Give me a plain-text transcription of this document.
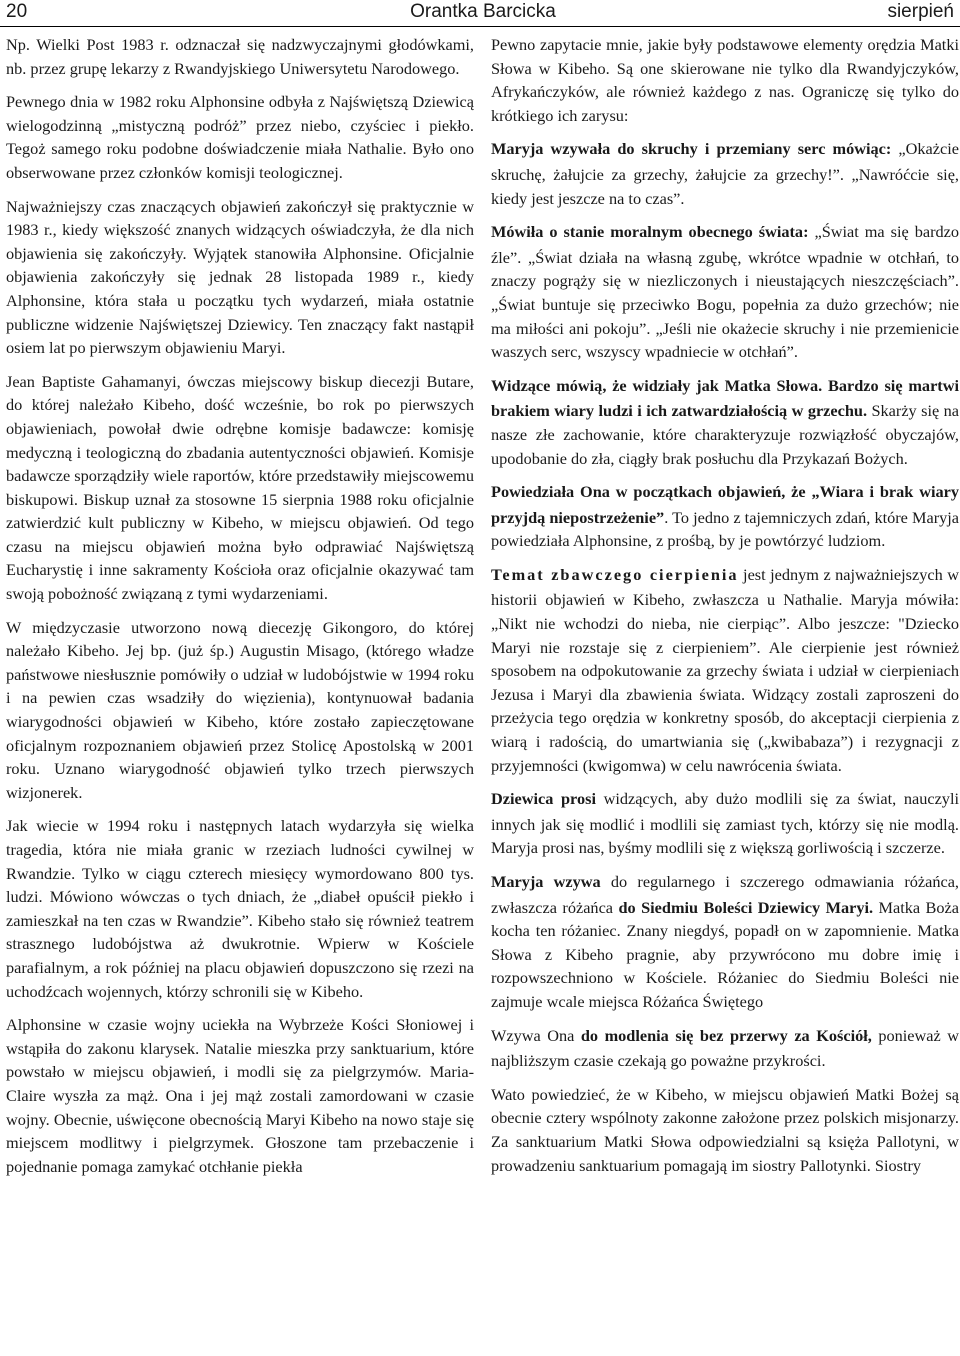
20	Orantka Barcicka	sierpień

Np. Wielki Post 1983 r. odznaczał się nadzwyczajnymi głodówkami, nb. przez grupę lekarzy z Rwandyjskiego Uniwersytetu Narodowego.

Pewnego dnia w 1982 roku Alphonsine odbyła z Najświętszą Dziewicą wielogodzinną „mistyczną podróż” przez niebo, czyściec i piekło. Tegoż samego roku podobne doświadczenie miała Nathalie. Było ono obserwowane przez członków komisji teologicznej.

Najważniejszy czas znaczących objawień zakończył się praktycznie w 1983 r., kiedy większość znanych widzących oświadczyła, że dla nich objawienia się zakończyły. Wyjątek stanowiła Alphonsine. Oficjalnie objawienia zakończyły się jednak 28 listopada 1989 r., kiedy Alphonsine, która stała u początku tych wydarzeń, miała ostatnie publiczne widzenie Najświętszej Dziewicy. Ten znaczący fakt nastąpił osiem lat po pierwszym objawieniu Maryi.

Jean Baptiste Gahamanyi, ówczas miejscowy biskup diecezji Butare, do której należało Kibeho, dość wcześnie, bo rok po pierwszych objawieniach, powołał dwie odrębne komisje badawcze: komisję medyczną i teologiczną do zbadania autentyczności objawień. Komisje badawcze sporządziły wiele raportów, które przedstawiły miejscowemu biskupowi. Biskup uznał za stosowne 15 sierpnia 1988 roku oficjalnie zatwierdzić kult publiczny w Kibeho, w miejscu objawień. Od tego czasu na miejscu objawień można było odprawiać Najświętszą Eucharystię i inne sakramenty Kościoła oraz oficjalnie okazywać tam swoją pobożność związaną z tymi wydarzeniami.

W międzyczasie utworzono nową diecezję Gikongoro, do której należało Kibeho. Jej bp. (już śp.) Augustin Misago, (którego władze państwowe niesłusznie pomówiły o udział w ludobójstwie w 1994 roku i na pewien czas wsadziły do więzienia), kontynuował badania wiarygodności objawień w Kibeho, które zostało zapieczętowane oficjalnym rozpoznaniem objawień przez Stolicę Apostolską w 2001 roku. Uznano wiarygodność objawień tylko trzech pierwszych wizjonerek.

Jak wiecie w 1994 roku i następnych latach wydarzyła się wielka tragedia, która nie miała granic w rzeziach ludności cywilnej w Rwandzie. Tylko w ciągu czterech miesięcy wymordowano 800 tys. ludzi. Mówiono wówczas o tych dniach, że „diabeł opuścił piekło i zamieszkał na ten czas w Rwandzie”. Kibeho stało się również teatrem strasznego ludobójstwa aż dwukrotnie. Wpierw w Kościele parafialnym, a rok później na placu objawień dopuszczono się rzezi na uchodźcach wojennych, którzy schronili się w Kibeho.

Alphonsine w czasie wojny uciekła na Wybrzeże Kości Słoniowej i wstąpiła do zakonu klarysek. Natalie mieszka przy sanktuarium, które powstało w miejscu objawień, i modli się za pielgrzymów. Maria-Claire wyszła za mąż. Ona i jej mąż zostali zamordowani w czasie wojny. Obecnie, uświęcone obecnością Maryi Kibeho na nowo staje się miejscem modlitwy i pielgrzymek. Głoszone tam przebaczenie i pojednanie pomaga zamykać otchłanie piekła

Pewno zapytacie mnie, jakie były podstawowe elementy orędzia Matki Słowa w Kibeho. Są one skierowane nie tylko dla Rwandyjczyków, Afrykańczyków, ale również każdego z nas. Ograniczę się tylko do krótkiego ich zarysu:

Maryja wzywała do skruchy i przemiany serc mówiąc: „Okażcie skruchę, żałujcie za grzechy, żałujcie za grzechy!”. „Nawróćcie się, kiedy jest jeszcze na to czas”.

Mówiła o stanie moralnym obecnego świata: „Świat ma się bardzo źle”. „Świat działa na własną zgubę, wkrótce wpadnie w otchłań, to znaczy pogrąży się w niezliczonych i nieustających nieszczęściach”. „Świat buntuje się przeciwko Bogu, popełnia za dużo grzechów; nie ma miłości ani pokoju”. „Jeśli nie okażecie skruchy i nie przemienicie waszych serc, wszyscy wpadniecie w otchłań”.

Widzące mówią, że widziały jak Matka Słowa. Bardzo się martwi brakiem wiary ludzi i ich zatwardziałością w grzechu. Skarży się na nasze złe zachowanie, które charakteryzuje rozwiązłość obyczajów, upodobanie do zła, ciągły brak posłuchu dla Przykazań Bożych.

Powiedziała Ona w początkach objawień, że „Wiara i brak wiary przyjdą niepostrzeżenie”. To jedno z tajemniczych zdań, które Maryja powiedziała Alphonsine, z prośbą, by je powtórzyć ludziom.

Temat zbawczego cierpienia jest jednym z najważniejszych w historii objawień w Kibeho, zwłaszcza u Nathalie. Maryja mówiła: „Nikt nie wchodzi do nieba, nie cierpiąc”. Albo jeszcze: "Dziecko Maryi nie rozstaje się z cierpieniem”. Ale cierpienie jest również sposobem na odpokutowanie za grzechy świata i udział w cierpieniach Jezusa i Maryi dla zbawienia świata. Widzący zostali zaproszeni do przeżycia tego orędzia w konkretny sposób, do akceptacji cierpienia z wiarą i radością, do umartwiania się („kwibabaza”) i rezygnacji z przyjemności (kwigomwa) w celu nawrócenia świata.

Dziewica prosi widzących, aby dużo modlili się za świat, nauczyli innych jak się modlić i modlili się zamiast tych, którzy się nie modlą. Maryja prosi nas, byśmy modlili się z większą gorliwością i szczerze.

Maryja wzywa do regularnego i szczerego odmawiania różańca, zwłaszcza różańca do Siedmiu Boleści Dziewicy Maryi. Matka Boża kocha ten różaniec. Znany niegdyś, popadł on w zapomnienie. Matka Słowa z Kibeho pragnie, aby przywrócono mu dobre imię i rozpowszechniono w Kościele. Różaniec do Siedmiu Boleści nie zajmuje wcale miejsca Różańca Świętego

Wzywa Ona do modlenia się bez przerwy za Kościół, ponieważ w najbliższym czasie czekają go poważne przykrości.

Wato powiedzieć, że w Kibeho, w miejscu objawień Matki Bożej są obecnie cztery wspólnoty zakonne założone przez polskich misjonarzy. Za sanktuarium Matki Słowa odpowiedzialni są księża Pallotyni, w prowadzeniu sanktuarium pomagają im siostry Pallotynki. Siostry
